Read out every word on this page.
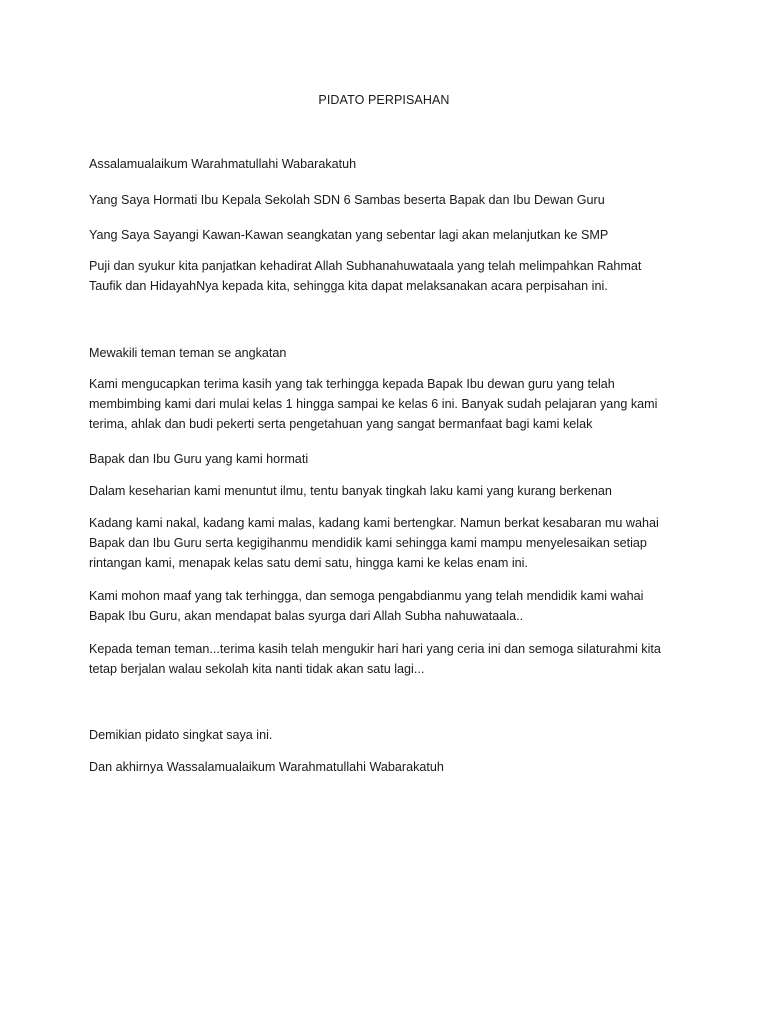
PIDATO PERPISAHAN
Assalamualaikum Warahmatullahi Wabarakatuh
Yang Saya Hormati Ibu Kepala Sekolah SDN 6 Sambas beserta Bapak dan Ibu Dewan Guru
Yang Saya Sayangi Kawan-Kawan seangkatan yang sebentar lagi akan melanjutkan ke SMP
Puji dan syukur kita panjatkan kehadirat Allah Subhanahuwataala yang telah melimpahkan Rahmat
Taufik dan HidayahNya kepada kita, sehingga kita dapat melaksanakan acara perpisahan ini.
Mewakili teman teman se angkatan
Kami mengucapkan terima kasih yang tak terhingga kepada Bapak Ibu dewan guru yang telah
membimbing kami dari mulai kelas 1 hingga sampai ke kelas 6 ini. Banyak sudah pelajaran yang kami
terima, ahlak dan budi pekerti serta pengetahuan yang sangat bermanfaat bagi kami kelak
Bapak dan Ibu Guru yang kami hormati
Dalam keseharian kami menuntut ilmu, tentu banyak tingkah laku kami yang kurang berkenan
Kadang kami nakal, kadang kami malas, kadang kami bertengkar. Namun berkat kesabaran mu wahai
Bapak dan Ibu Guru serta kegigihanmu mendidik kami sehingga kami mampu menyelesaikan setiap
rintangan kami, menapak kelas satu demi satu, hingga kami ke kelas enam ini.
Kami mohon maaf yang tak terhingga, dan semoga pengabdianmu yang telah mendidik kami wahai
Bapak Ibu Guru, akan mendapat balas syurga dari Allah Subha nahuwataala..
Kepada teman teman...terima kasih telah mengukir hari hari yang ceria ini dan semoga silaturahmi kita
tetap berjalan walau sekolah kita nanti tidak akan satu lagi...
Demikian pidato singkat saya ini.
Dan akhirnya Wassalamualaikum Warahmatullahi Wabarakatuh
